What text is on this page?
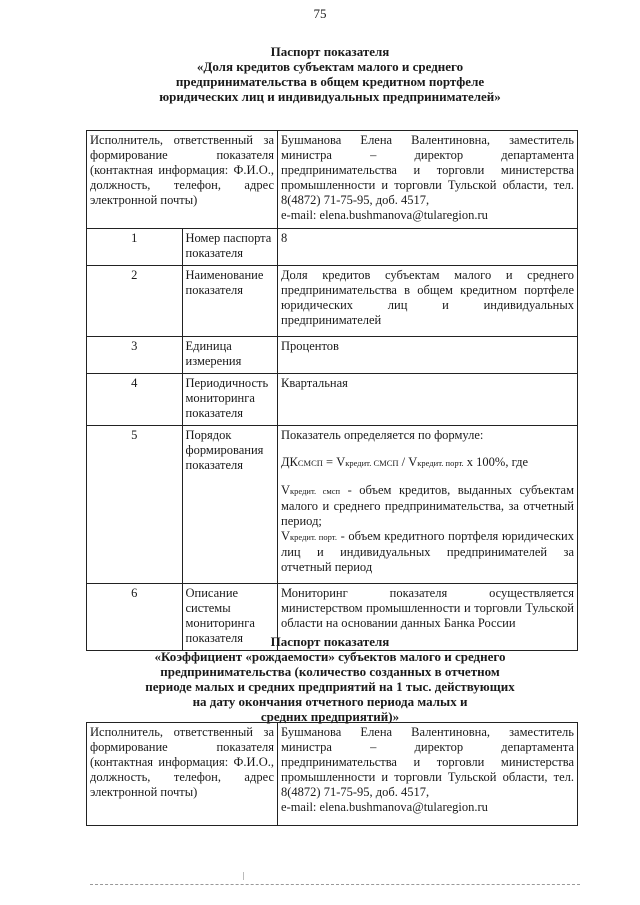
75
Паспорт показателя
«Доля кредитов субъектам малого и среднего
предпринимательства в общем кредитном портфеле
юридических лиц и индивидуальных предпринимателей»
Исполнитель, ответственный за формирование показателя (контактная информация: Ф.И.О., должность, телефон, адрес электронной почты)		Бушманова Елена Валентиновна, заместитель министра – директор департамента предпринимательства и торговли министерства промышленности и торговли Тульской области, тел. 8(4872) 71-75-95, доб. 4517,
e-mail: elena.bushmanova@tularegion.ru
1	Номер паспорта показателя	8
2	Наименование показателя	Доля кредитов субъектам малого и среднего предпринимательства в общем кредитном портфеле юридических лиц и индивидуальных предпринимателей
3	Единица измерения	Процентов
4	Периодичность мониторинга показателя	Квартальная
5	Порядок формирования показателя	Показатель определяется по формуле:
ДКСМСП = Vкредит. СМСП / Vкредит. порт. х 100%, где
Vкредит. смсп - объем кредитов, выданных субъектам малого и среднего предпринимательства, за отчетный период;
Vкредит. порт. - объем кредитного портфеля юридических лиц и индивидуальных предпринимателей за отчетный период

6	Описание системы мониторинга показателя	Мониторинг показателя осуществляется министерством промышленности и торговли Тульской области на основании данных Банка России
Паспорт показателя
«Коэффициент «рождаемости» субъектов малого и среднего
предпринимательства (количество созданных в отчетном
периоде малых и средних предприятий на 1 тыс. действующих
на дату окончания отчетного периода малых и
средних предприятий)»
Исполнитель, ответственный за формирование показателя (контактная информация: Ф.И.О., должность, телефон, адрес электронной почты)	Бушманова Елена Валентиновна, заместитель министра – директор департамента предпринимательства и торговли министерства промышленности и торговли Тульской области, тел. 8(4872) 71-75-95, доб. 4517,
e-mail: elena.bushmanova@tularegion.ru
